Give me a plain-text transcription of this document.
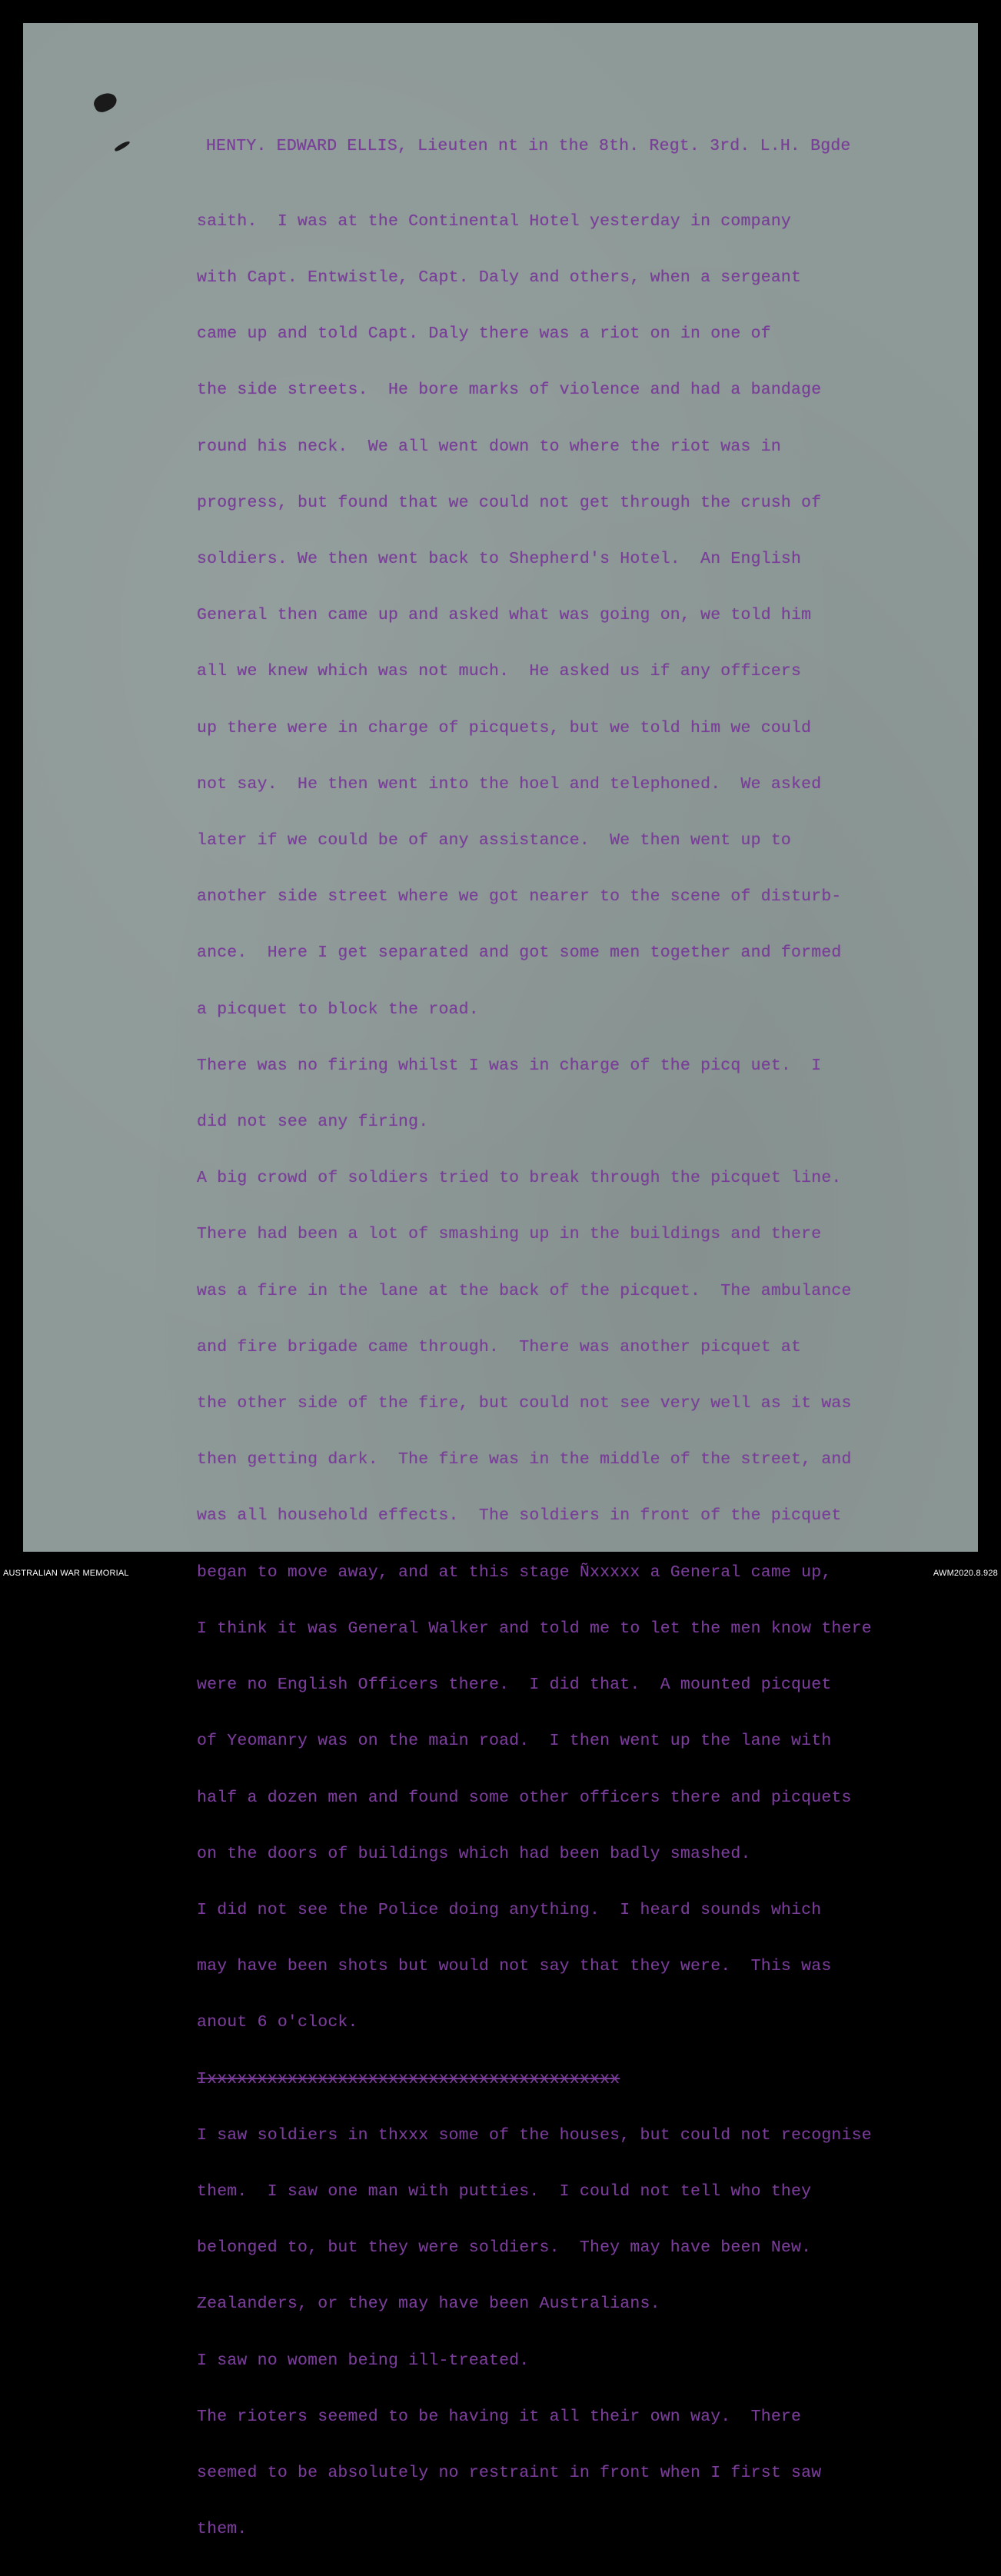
HENTY. EDWARD ELLIS, Lieuten nt in the 8th. Regt. 3rd. L.H. Bgde

saith.  I was at the Continental Hotel yesterday in company

with Capt. Entwistle, Capt. Daly and others, when a sergeant

came up and told Capt. Daly there was a riot on in one of

the side streets.  He bore marks of violence and had a bandage

round his neck.  We all went down to where the riot was in

progress, but found that we could not get through the crush of

soldiers. We then went back to Shepherd's Hotel.  An English

General then came up and asked what was going on, we told him

all we knew which was not much.  He asked us if any officers

up there were in charge of picquets, but we told him we could

not say.  He then went into the hoel and telephoned.  We asked

later if we could be of any assistance.  We then went up to

another side street where we got nearer to the scene of disturb-

ance.  Here I get separated and got some men together and formed

a picquet to block the road.

There was no firing whilst I was in charge of the picq uet.  I

did not see any firing.

A big crowd of soldiers tried to break through the picquet line.

There had been a lot of smashing up in the buildings and there

was a fire in the lane at the back of the picquet.  The ambulance

and fire brigade came through.  There was another picquet at

the other side of the fire, but could not see very well as it was

then getting dark.  The fire was in the middle of the street, and

was all household effects.  The soldiers in front of the picquet

began to move away, and at this stage Ñxxxxx a General came up,

I think it was General Walker and told me to let the men know there

were no English Officers there.  I did that.  A mounted picquet

of Yeomanry was on the main road.  I then went up the lane with

half a dozen men and found some other officers there and picquets

on the doors of buildings which had been badly smashed.

I did not see the Police doing anything.  I heard sounds which

may have been shots but would not say that they were.  This was

anout 6 o'clock.

Ixxxxxxxxxxxxxxxxxxxxxxxxxxxxxxxxxxxxxxxxx

I saw soldiers in thxxx some of the houses, but could not recognise

them.  I saw one man with putties.  I could not tell who they

belonged to, but they were soldiers.  They may have been New.

Zealanders, or they may have been Australians.

I saw no women being ill-treated.

The rioters seemed to be having it all their own way.  There

seemed to be absolutely no restraint in front when I first saw

them.

AUSTRALIAN WAR MEMORIAL	AWM2020.8.928
